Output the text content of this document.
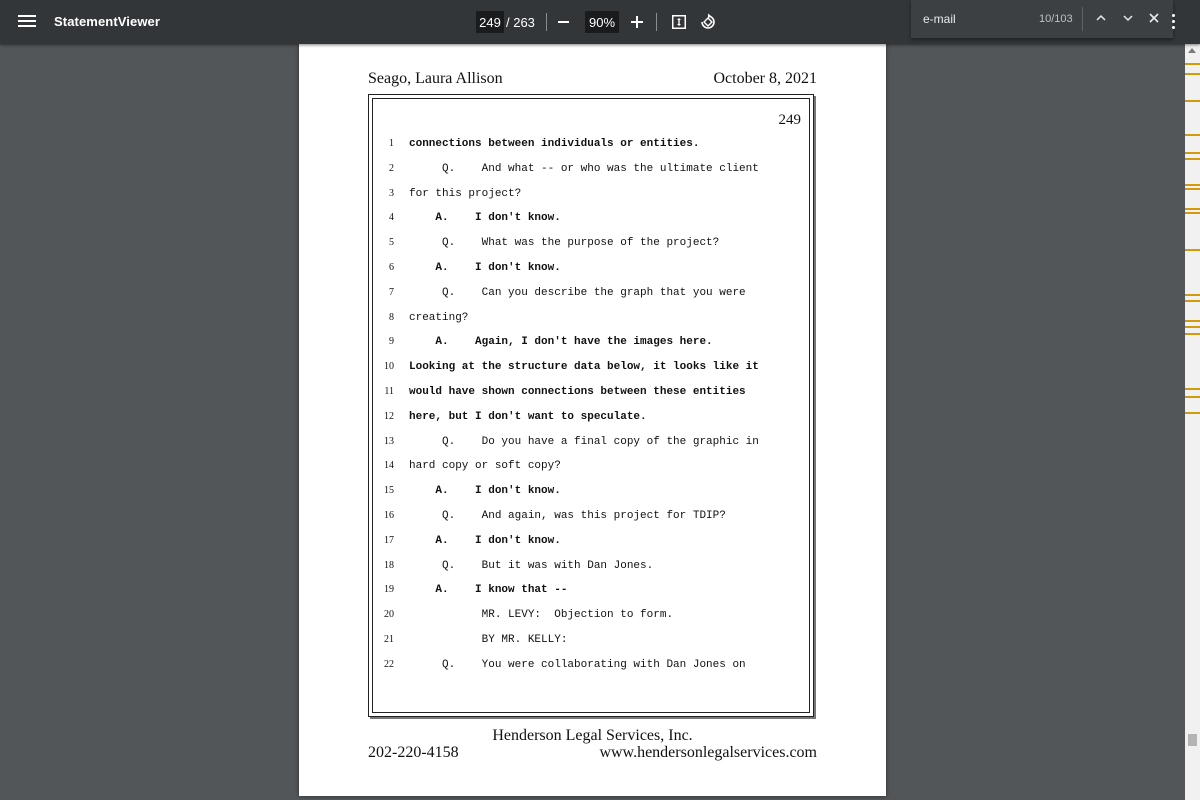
StatementViewer
249	/ 263
90%
e-mail	10/103
Seago, Laura Allison	October 8, 2021
249
1 connections between individuals or entities.
2 Q.    And what -- or who was the ultimate client
3 for this project?
4 A.    I don't know.
5 Q.    What was the purpose of the project?
6 A.    I don't know.
7 Q.    Can you describe the graph that you were
8 creating?
9 A.    Again, I don't have the images here.
10 Looking at the structure data below, it looks like it
11 would have shown connections between these entities
12 here, but I don't want to speculate.
13 Q.    Do you have a final copy of the graphic in
14 hard copy or soft copy?
15 A.    I don't know.
16 Q.    And again, was this project for TDIP?
17 A.    I don't know.
18 Q.    But it was with Dan Jones.
19 A.    I know that --
20 MR. LEVY:  Objection to form.
21 BY MR. KELLY:
22 Q.    You were collaborating with Dan Jones on
Henderson Legal Services, Inc.
202-220-4158	www.hendersonlegalservices.com
